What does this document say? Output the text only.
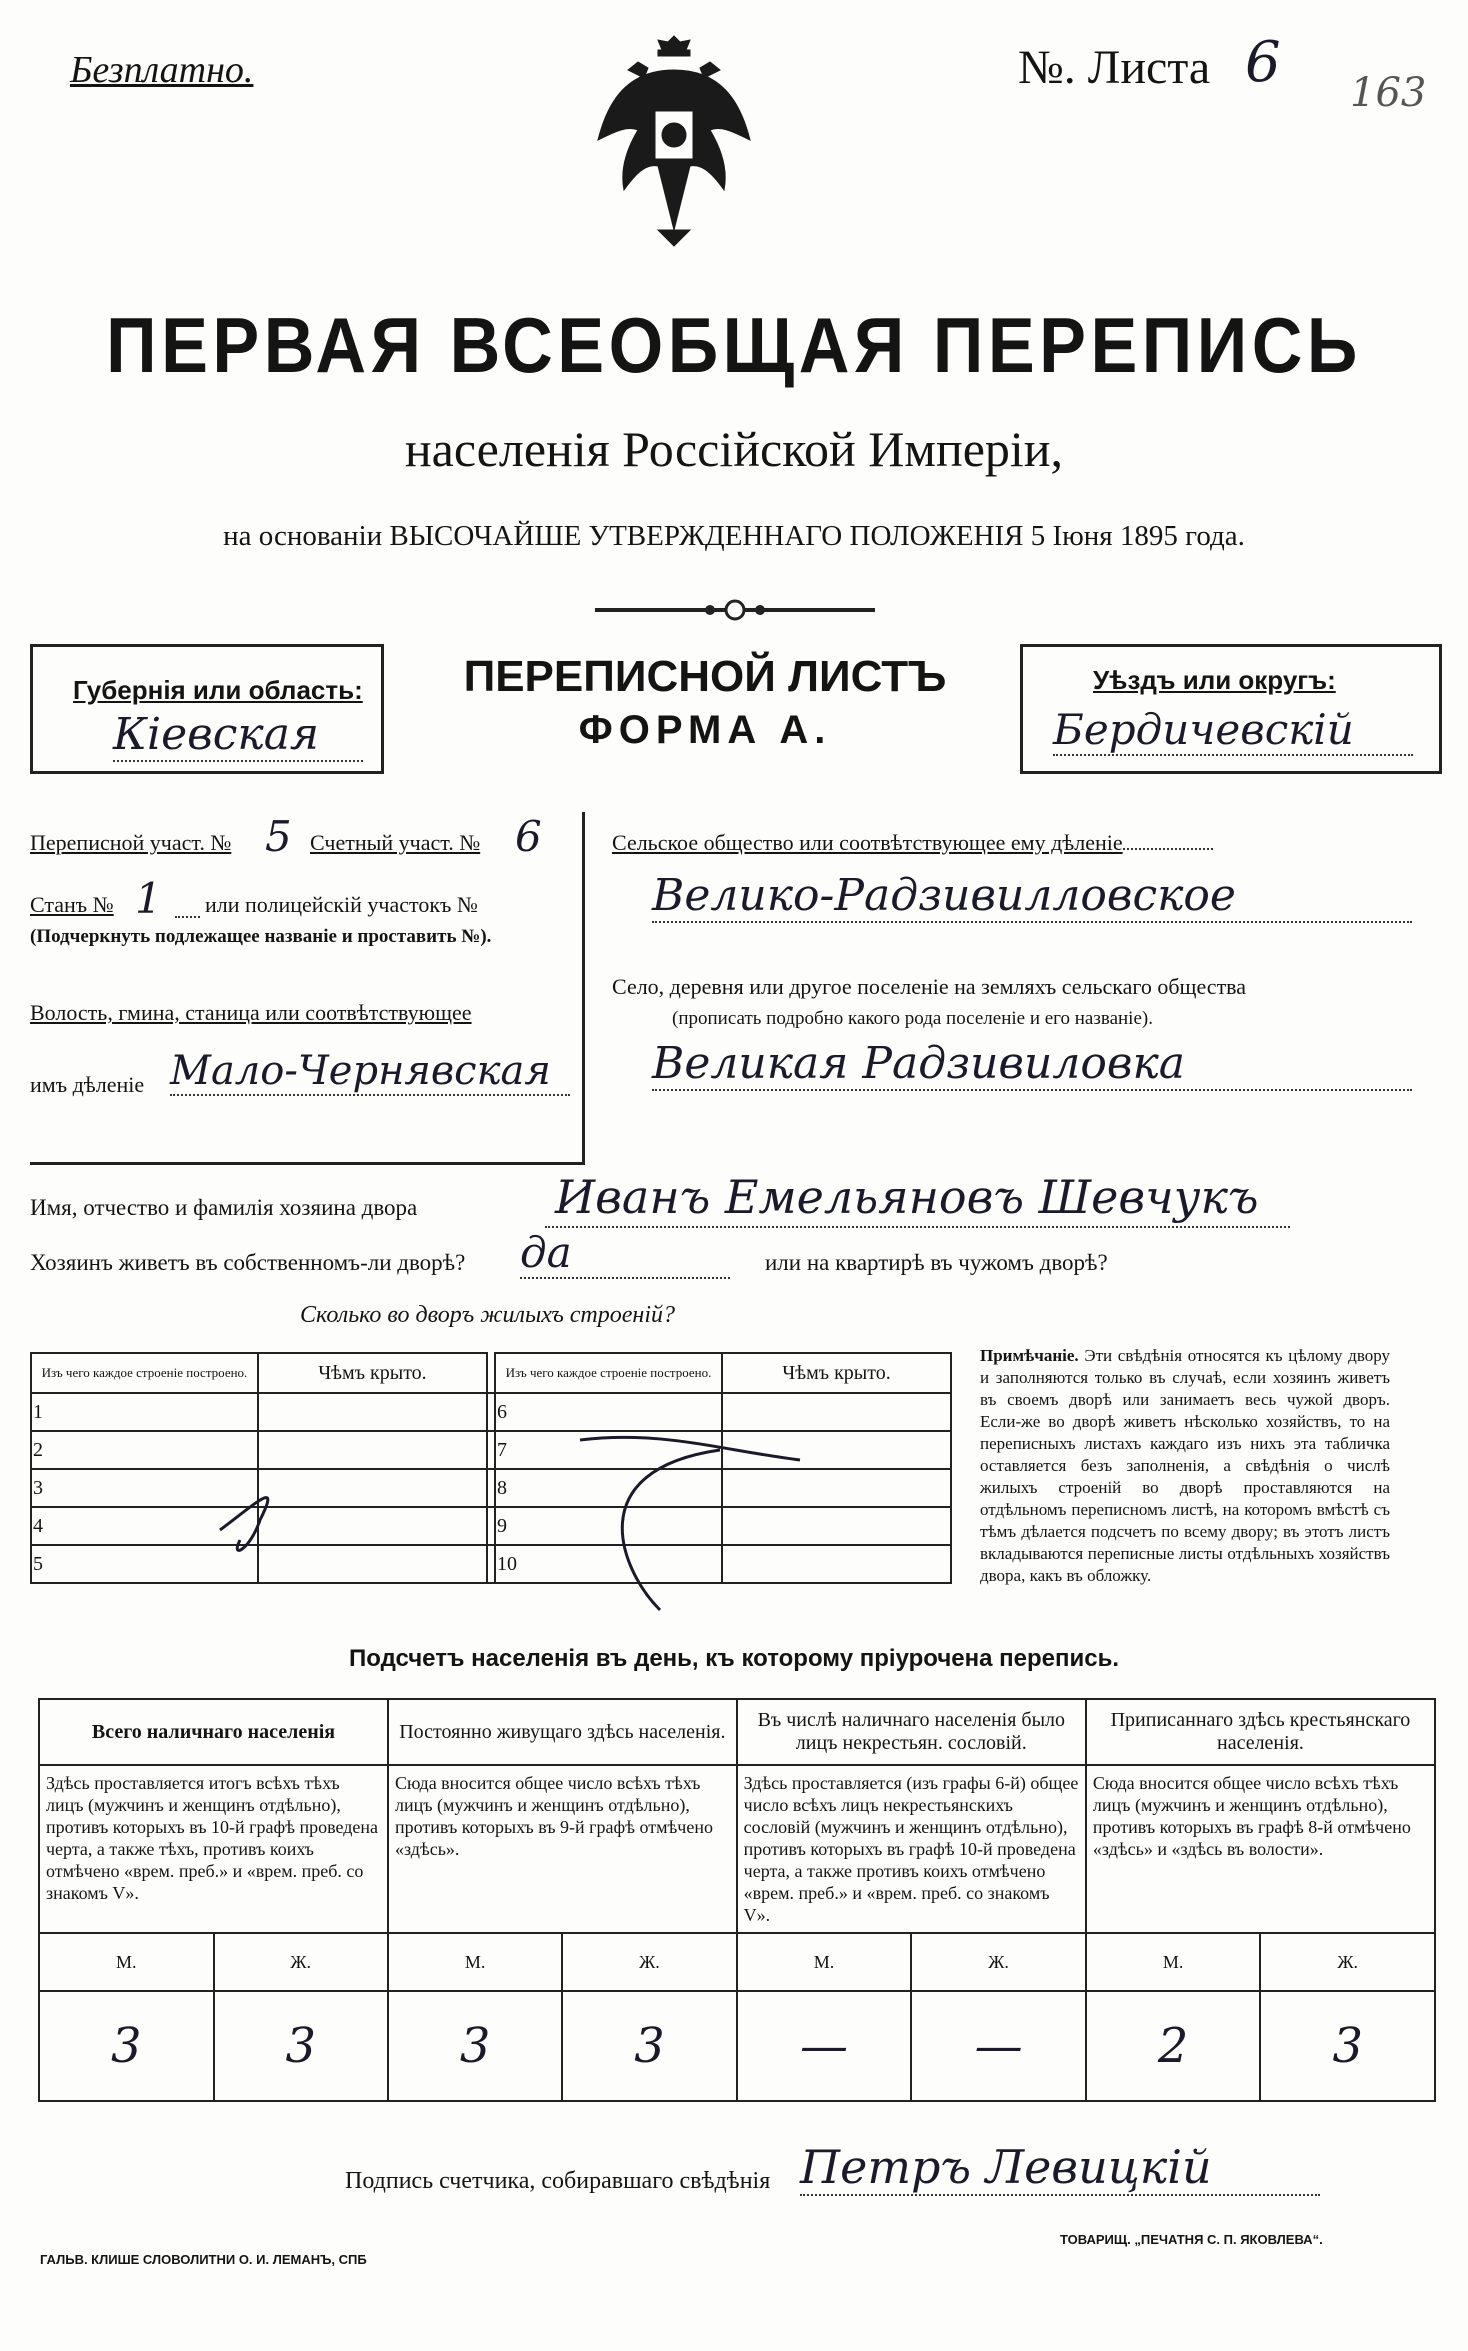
Безплатно.	№. Листа 6 163
ПЕРВАЯ ВСЕОБЩАЯ ПЕРЕПИСЬ
населенія Россійской Имперіи,
на основаніи ВЫСОЧАЙШЕ УТВЕРЖДЕННАГО ПОЛОЖЕНІЯ 5 Іюня 1895 года.
Губернія или область:
Кіевская
ПЕРЕПИСНОЙ ЛИСТЪ
ФОРМА А.
Уѣздъ или округъ:
Бердичевскій
Переписной участ. № 5 Счетный участ. № 6
Станъ № 1 или полицейскій участокъ №
(Подчеркнуть подлежащее названіе и проставить №).
Волость, гмина, станица или соотвѣтствующее
имъ дѣленіе Мало-Чернявская
Сельское общество или соотвѣтствующее ему дѣленіе
Велико-Радзивилловское
Село, деревня или другое поселеніе на земляхъ сельскаго общества
(прописать подробно какого рода поселеніе и его названіе).
Великая Радзивиловка
Имя, отчество и фамилія хозяина двора	Иванъ Емельяновъ Шевчукъ
Хозяинъ живетъ въ собственномъ-ли дворѣ? да	или на квартирѣ въ чужомъ дворѣ?
Сколько во дворъ жилыхъ строеній?
Изъ чего каждое строеніе построено.	Чѣмъ крыто.		Изъ чего каждое строеніе построено.	Чѣмъ крыто.
1			6	
2			7	
3			8	
4			9	
5			10	
Примѣчаніе. Эти свѣдѣнія относятся къ цѣлому двору и заполняются только въ случаѣ, если хозяинъ живетъ въ своемъ дворѣ или занимаетъ весь чужой дворъ. Если-же во дворѣ живетъ нѣсколько хозяйствъ, то на переписныхъ листахъ каждаго изъ нихъ эта табличка оставляется безъ заполненія, а свѣдѣнія о числѣ жилыхъ строеній во дворѣ проставляются на отдѣльномъ переписномъ листѣ, на которомъ вмѣстѣ съ тѣмъ дѣлается подсчетъ по всему двору; въ этотъ листъ вкладываются переписные листы отдѣльныхъ хозяйствъ двора, какъ въ обложку.
Подсчетъ населенія въ день, къ которому пріурочена перепись.
Всего наличнаго населенія		Постоянно живущаго здѣсь населенія.		Въ числѣ наличнаго населенія было лицъ некрестьян. сословій.		Приписаннаго здѣсь крестьянскаго населенія.	
Здѣсь проставляется итогъ всѣхъ тѣхъ лицъ (мужчинъ и женщинъ отдѣльно), противъ которыхъ въ 10-й графѣ проведена черта, а также тѣхъ, противъ коихъ отмѣчено «врем. преб.» и «врем. преб. со знакомъ V».		Сюда вносится общее число всѣхъ тѣхъ лицъ (мужчинъ и женщинъ отдѣльно), противъ которыхъ въ 9-й графѣ отмѣчено «здѣсь».		Здѣсь проставляется (изъ графы 6-й) общее число всѣхъ лицъ некрестьянскихъ сословій (мужчинъ и женщинъ отдѣльно), противъ которыхъ въ графѣ 10-й проведена черта, а также противъ коихъ отмѣчено «врем. преб.» и «врем. преб. со знакомъ V».		Сюда вносится общее число всѣхъ тѣхъ лицъ (мужчинъ и женщинъ отдѣльно), противъ которыхъ въ графѣ 8-й отмѣчено «здѣсь» и «здѣсь въ волости».	
М.	Ж.	М.	Ж.	М.	Ж.	М.	Ж.
3	3	3	3	—	—	2	3
Подпись счетчика, собиравшаго свѣдѣнія Петръ Левицкій
ГАЛЬВ. КЛИШЕ СЛОВОЛИТНИ О. И. ЛЕМАНЪ, СПБ
ТОВАРИЩ. „ПЕЧАТНЯ С. П. ЯКОВЛЕВА“.
